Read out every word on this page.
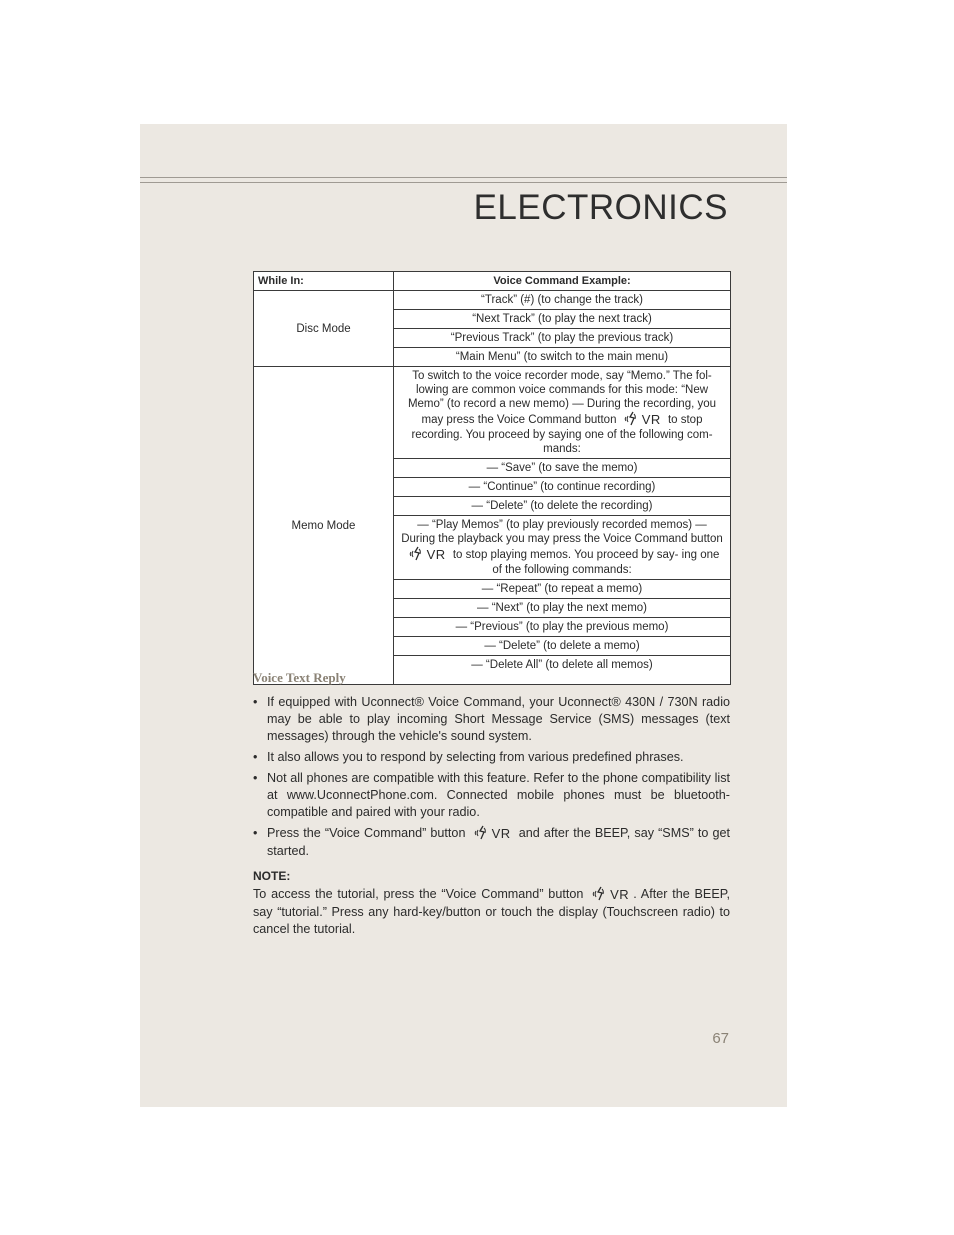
ELECTRONICS
While In:	Voice Command Example:
Disc Mode	“Track” (#) (to change the track)
	“Next Track” (to play the next track)
	“Previous Track” (to play the previous track)
	“Main Menu” (to switch to the main menu)
Memo Mode	To switch to the voice recorder mode, say “Memo.” The fol- lowing are common voice commands for this mode: “New Memo” (to record a new memo) — During the recording, you may press the Voice Command button VR to stop recording. You proceed by saying one of the following com- mands:
	— “Save” (to save the memo)
	— “Continue” (to continue recording)
	— “Delete” (to delete the recording)
	— “Play Memos” (to play previously recorded memos) — During the playback you may press the Voice Command button VR to stop playing memos. You proceed by say- ing one of the following commands:
	— “Repeat” (to repeat a memo)
	— “Next” (to play the next memo)
	— “Previous” (to play the previous memo)
	— “Delete” (to delete a memo)
	— “Delete All” (to delete all memos)
Voice Text Reply
• If equipped with Uconnect® Voice Command, your Uconnect® 430N / 730N radio may be able to play incoming Short Message Service (SMS) messages (text messages) through the vehicle's sound system.
• It also allows you to respond by selecting from various predefined phrases.
• Not all phones are compatible with this feature. Refer to the phone compatibility list at www.UconnectPhone.com. Connected mobile phones must be bluetooth-compatible and paired with your radio.
• Press the “Voice Command” button VR and after the BEEP, say “SMS” to get started.
NOTE:

To access the tutorial, press the “Voice Command” button VR . After the BEEP, say “tutorial.” Press any hard-key/button or touch the display (Touchscreen radio) to cancel the tutorial.

67
